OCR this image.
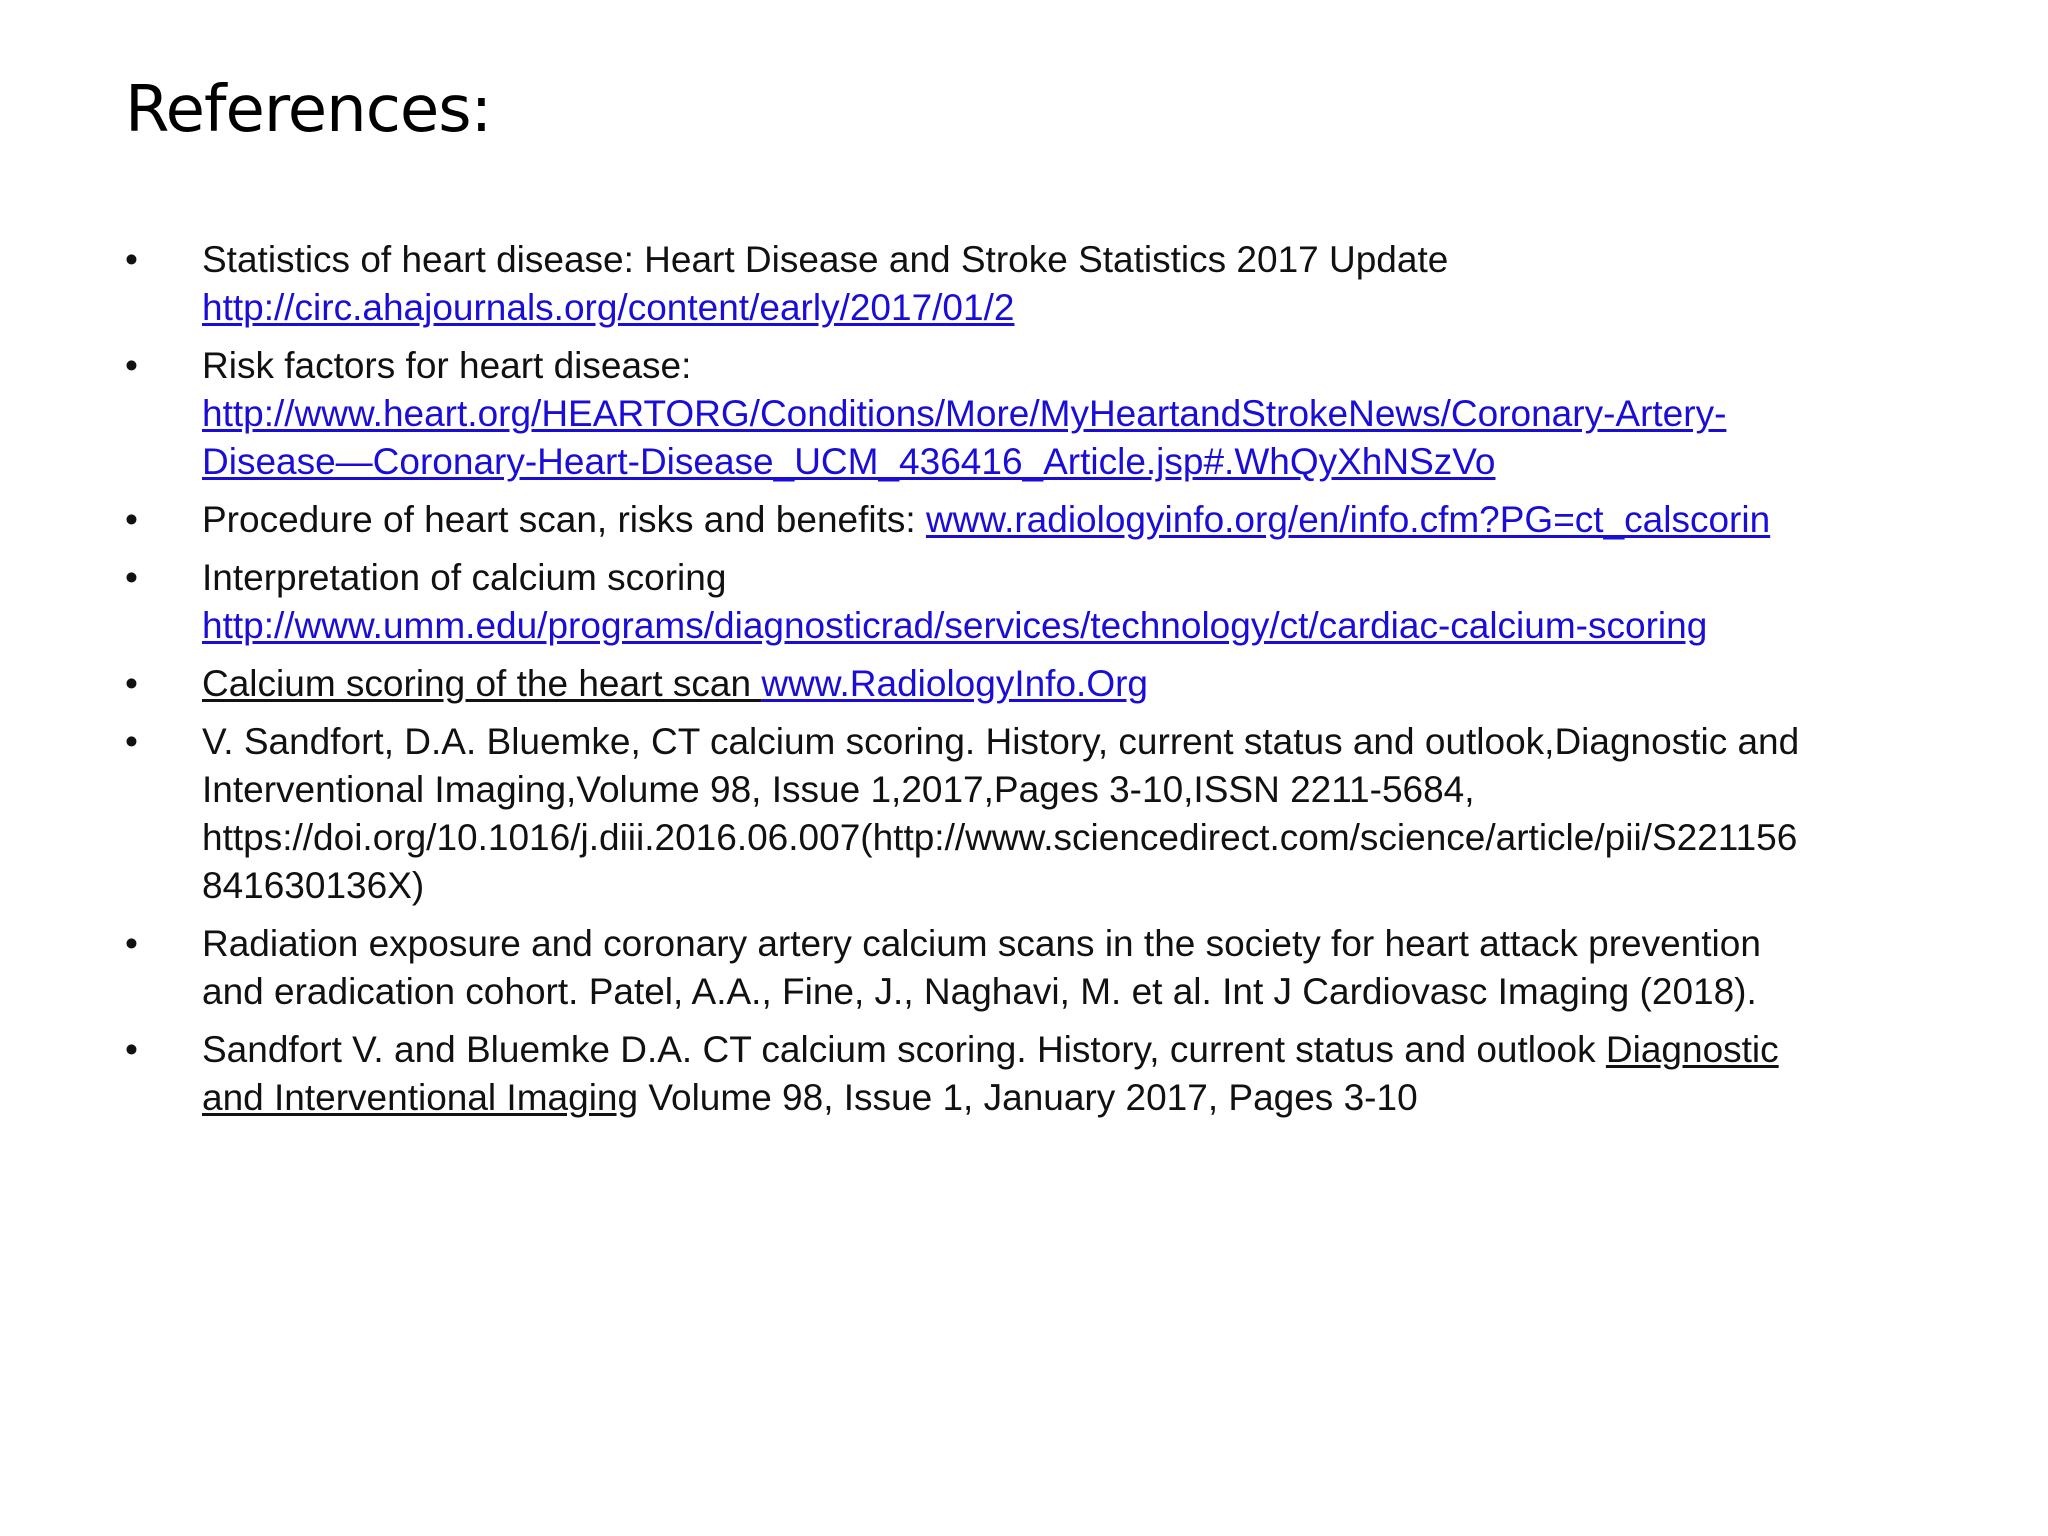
References:
•	Statistics of heart disease: Heart Disease and Stroke Statistics 2017 Update
http://circ.ahajournals.org/content/early/2017/01/2
•	Risk factors for heart disease:
http://www.heart.org/HEARTORG/Conditions/More/MyHeartandStrokeNews/Coronary-Artery-
Disease—Coronary-Heart-Disease_UCM_436416_Article.jsp#.WhQyXhNSzVo
•	Procedure of heart scan, risks and benefits: www.radiologyinfo.org/en/info.cfm?PG=ct_calscorin
•	Interpretation of calcium scoring
http://www.umm.edu/programs/diagnosticrad/services/technology/ct/cardiac-calcium-scoring
•	Calcium scoring of the heart scan www.RadiologyInfo.Org
•	V. Sandfort, D.A. Bluemke, CT calcium scoring. History, current status and outlook,Diagnostic and
Interventional Imaging,Volume 98, Issue 1,2017,Pages 3-10,ISSN 2211-5684,
https://doi.org/10.1016/j.diii.2016.06.007(http://www.sciencedirect.com/science/article/pii/S221156
841630136X)
•	Radiation exposure and coronary artery calcium scans in the society for heart attack prevention
and eradication cohort. Patel, A.A., Fine, J., Naghavi, M. et al. Int J Cardiovasc Imaging (2018).
•	Sandfort V. and Bluemke D.A. CT calcium scoring. History, current status and outlook Diagnostic
and Interventional Imaging Volume 98, Issue 1, January 2017, Pages 3-10
